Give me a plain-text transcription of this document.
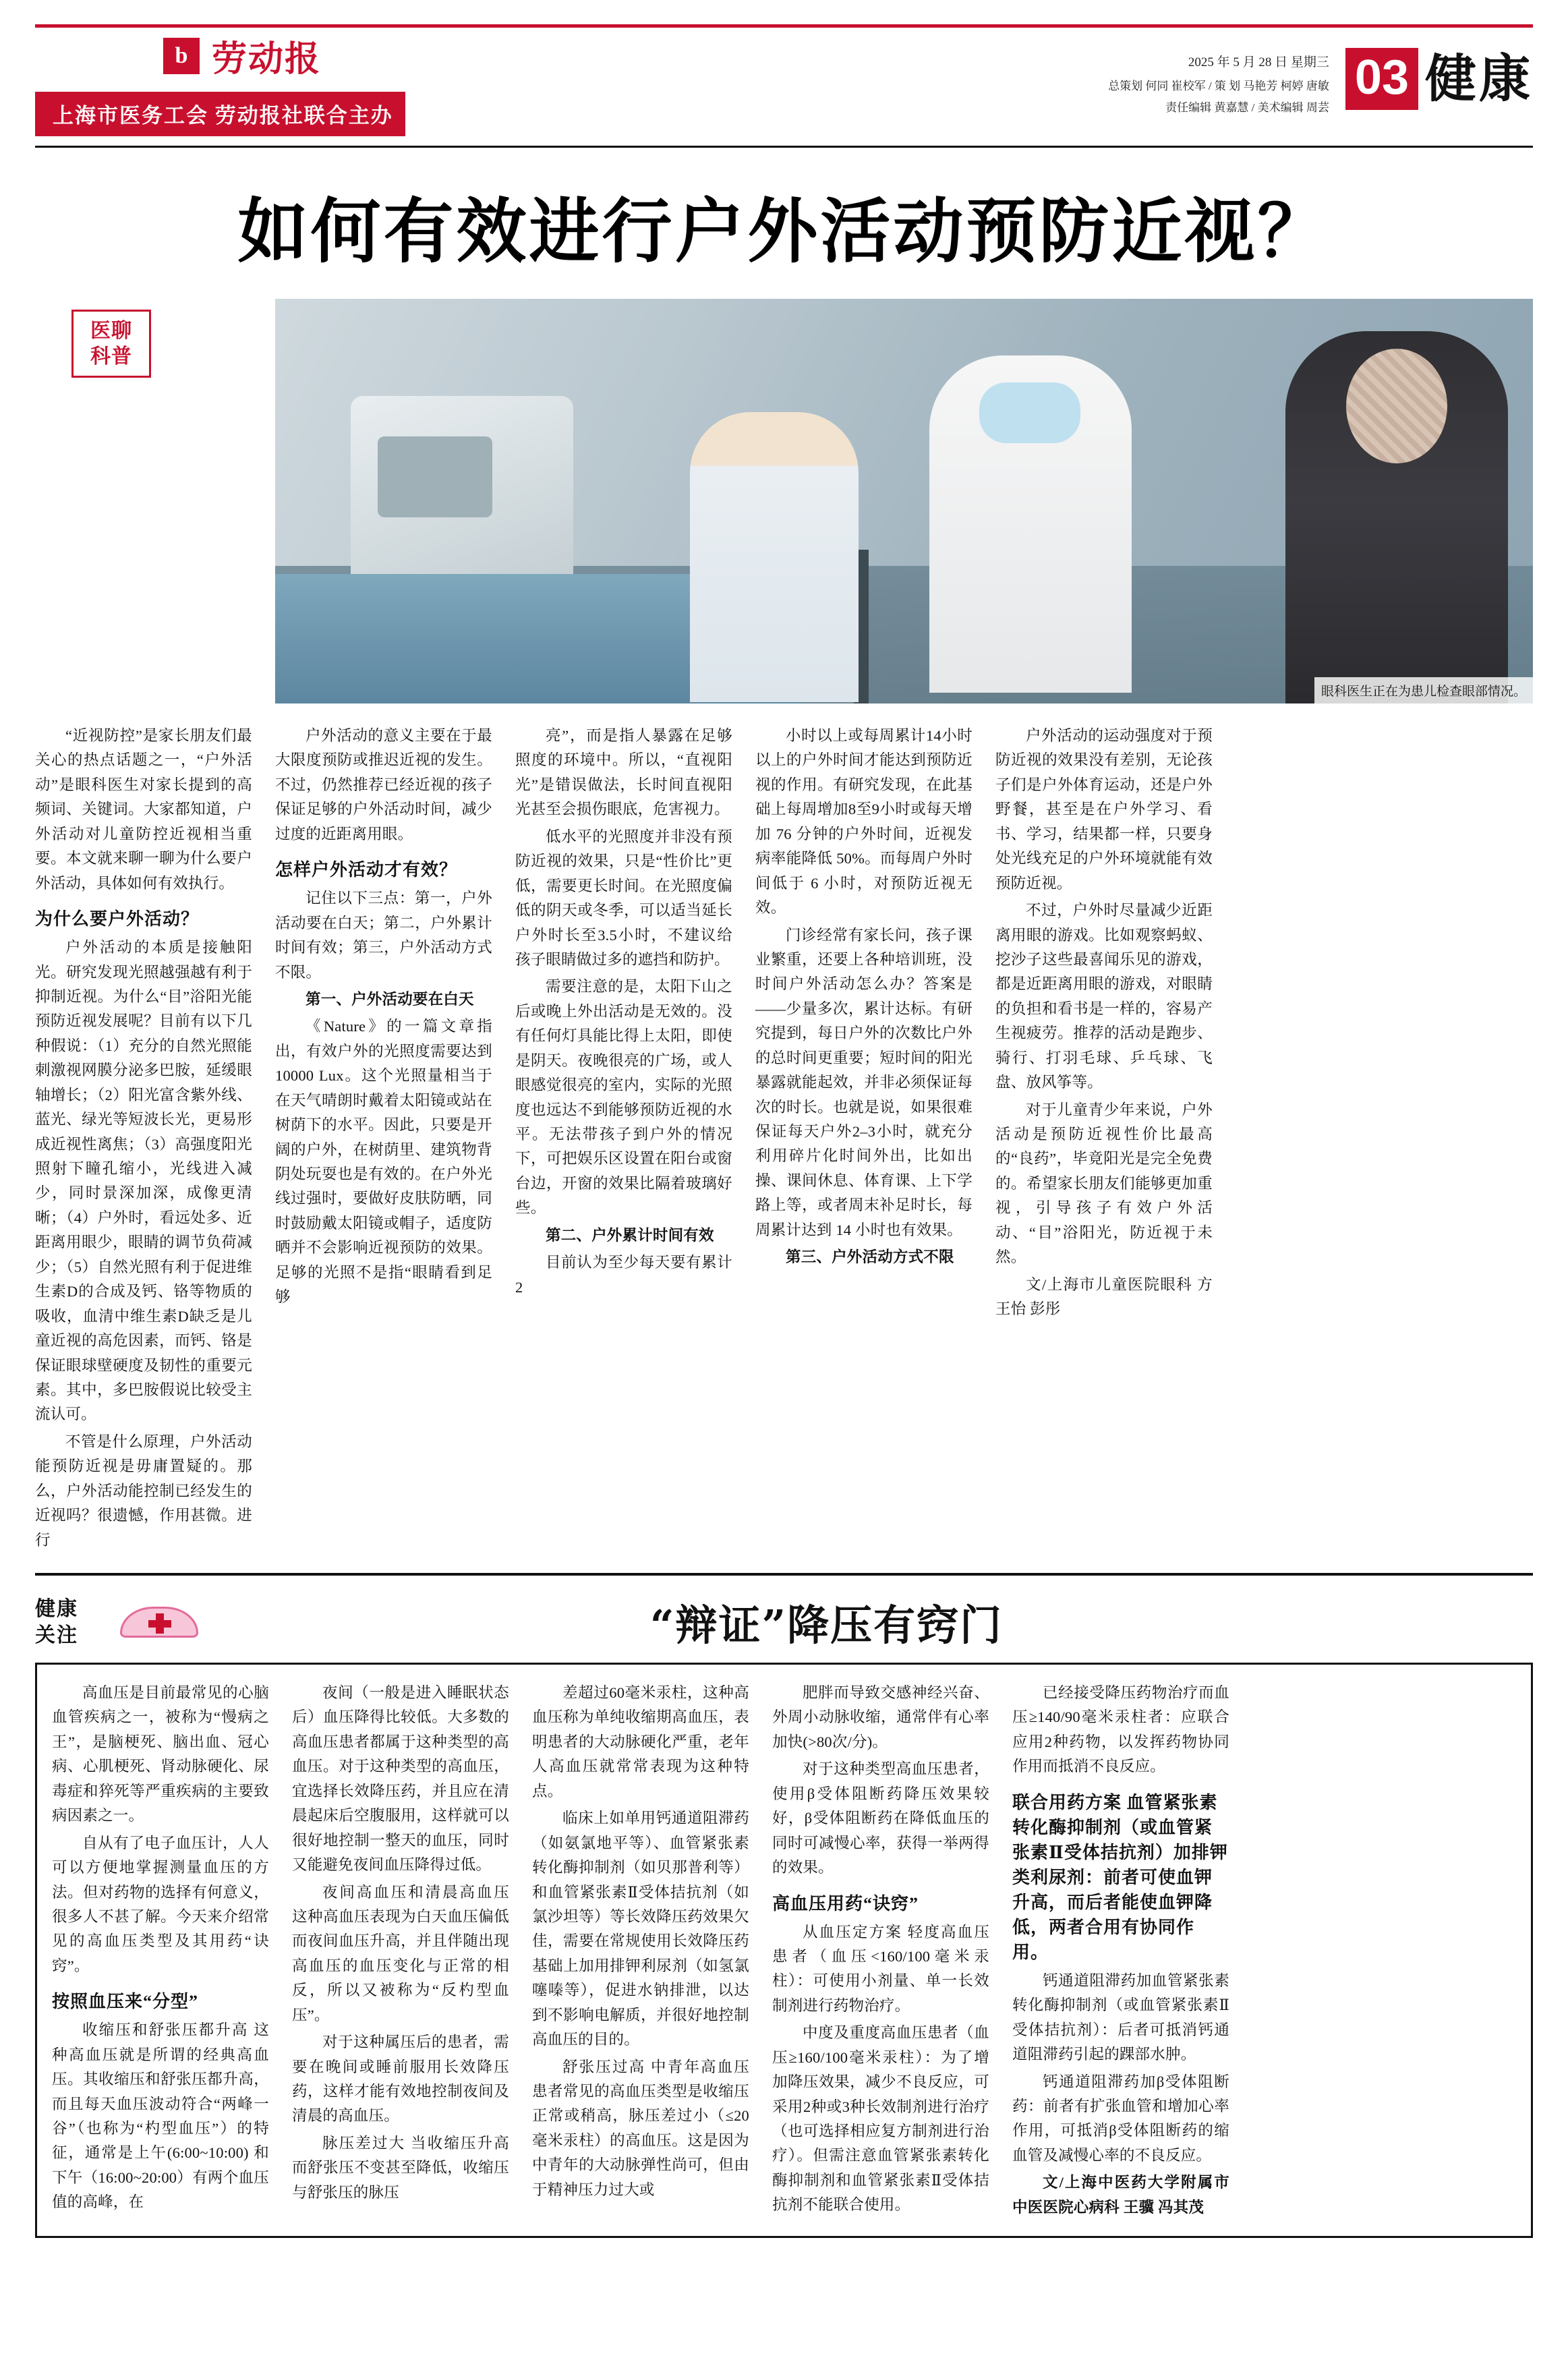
b 劳动报
上海市医务工会 劳动报社联合主办
2025 年 5 月 28 日 星期三
总策划 何同 崔校军 / 策 划 马艳芳 柯婷 唐敏
责任编辑 黄嘉慧 / 美术编辑 周芸
03 健康
如何有效进行户外活动预防近视？
医聊
科普
眼科医生正在为患儿检查眼部情况。

“近视防控”是家长朋友们最关心的热点话题之一，“户外活动”是眼科医生对家长提到的高频词、关键词。大家都知道，户外活动对儿童防控近视相当重要。本文就来聊一聊为什么要户外活动，具体如何有效执行。

为什么要户外活动？

户外活动的本质是接触阳光。研究发现光照越强越有利于抑制近视。为什么“目”浴阳光能预防近视发展呢？目前有以下几种假说：（1）充分的自然光照能刺激视网膜分泌多巴胺，延缓眼轴增长；（2）阳光富含紫外线、蓝光、绿光等短波长光，更易形成近视性离焦；（3）高强度阳光照射下瞳孔缩小，光线进入减少，同时景深加深，成像更清晰；（4）户外时，看远处多、近距离用眼少，眼睛的调节负荷减少；（5）自然光照有利于促进维生素D的合成及钙、铬等物质的吸收，血清中维生素D缺乏是儿童近视的高危因素，而钙、铬是保证眼球壁硬度及韧性的重要元素。其中，多巴胺假说比较受主流认可。

不管是什么原理，户外活动能预防近视是毋庸置疑的。那么，户外活动能控制已经发生的近视吗？很遗憾，作用甚微。进行

户外活动的意义主要在于最大限度预防或推迟近视的发生。不过，仍然推荐已经近视的孩子保证足够的户外活动时间，减少过度的近距离用眼。

怎样户外活动才有效？

记住以下三点：第一，户外活动要在白天；第二，户外累计时间有效；第三，户外活动方式不限。

第一、户外活动要在白天

《Nature》的一篇文章指出，有效户外的光照度需要达到10000 Lux。这个光照量相当于在天气晴朗时戴着太阳镜或站在树荫下的水平。因此，只要是开阔的户外，在树荫里、建筑物背阴处玩耍也是有效的。在户外光线过强时，要做好皮肤防晒，同时鼓励戴太阳镜或帽子，适度防晒并不会影响近视预防的效果。足够的光照不是指“眼睛看到足够

亮”，而是指人暴露在足够照度的环境中。所以，“直视阳光”是错误做法，长时间直视阳光甚至会损伤眼底，危害视力。

低水平的光照度并非没有预防近视的效果，只是“性价比”更低，需要更长时间。在光照度偏低的阴天或冬季，可以适当延长户外时长至3.5小时，不建议给孩子眼睛做过多的遮挡和防护。

需要注意的是，太阳下山之后或晚上外出活动是无效的。没有任何灯具能比得上太阳，即使是阴天。夜晚很亮的广场，或人眼感觉很亮的室内，实际的光照度也远达不到能够预防近视的水平。无法带孩子到户外的情况下，可把娱乐区设置在阳台或窗台边，开窗的效果比隔着玻璃好些。

第二、户外累计时间有效

目前认为至少每天要有累计2

小时以上或每周累计14小时以上的户外时间才能达到预防近视的作用。有研究发现，在此基础上每周增加8至9小时或每天增加 76 分钟的户外时间，近视发病率能降低 50%。而每周户外时间低于 6 小时，对预防近视无效。

门诊经常有家长问，孩子课业繁重，还要上各种培训班，没时间户外活动怎么办？答案是——少量多次，累计达标。有研究提到，每日户外的次数比户外的总时间更重要；短时间的阳光暴露就能起效，并非必须保证每次的时长。也就是说，如果很难保证每天户外2–3小时，就充分利用碎片化时间外出，比如出操、课间休息、体育课、上下学路上等，或者周末补足时长，每周累计达到 14 小时也有效果。

第三、户外活动方式不限

户外活动的运动强度对于预防近视的效果没有差别，无论孩子们是户外体育运动，还是户外野餐，甚至是在户外学习、看书、学习，结果都一样，只要身处光线充足的户外环境就能有效预防近视。

不过，户外时尽量减少近距离用眼的游戏。比如观察蚂蚁、挖沙子这些最喜闻乐见的游戏，都是近距离用眼的游戏，对眼睛的负担和看书是一样的，容易产生视疲劳。推荐的活动是跑步、骑行、打羽毛球、乒乓球、飞盘、放风筝等。

对于儿童青少年来说，户外活动是预防近视性价比最高的“良药”，毕竟阳光是完全免费的。希望家长朋友们能够更加重视，引导孩子有效户外活动、“目”浴阳光，防近视于未然。

文/上海市儿童医院眼科 方王怡 彭彤

健康
关注	“辩证”降压有窍门

高血压是目前最常见的心脑血管疾病之一，被称为“慢病之王”，是脑梗死、脑出血、冠心病、心肌梗死、肾动脉硬化、尿毒症和猝死等严重疾病的主要致病因素之一。

自从有了电子血压计，人人可以方便地掌握测量血压的方法。但对药物的选择有何意义，很多人不甚了解。今天来介绍常见的高血压类型及其用药“诀窍”。

按照血压来“分型”

收缩压和舒张压都升高 这种高血压就是所谓的经典高血压。其收缩压和舒张压都升高，而且每天血压波动符合“两峰一谷”（也称为“杓型血压”）的特征，通常是上午(6:00~10:00) 和下午（16:00~20:00）有两个血压值的高峰，在

夜间（一般是进入睡眠状态后）血压降得比较低。大多数的高血压患者都属于这种类型的高血压。对于这种类型的高血压，宜选择长效降压药，并且应在清晨起床后空腹服用，这样就可以很好地控制一整天的血压，同时又能避免夜间血压降得过低。

夜间高血压和清晨高血压 这种高血压表现为白天血压偏低而夜间血压升高，并且伴随出现高血压的血压变化与正常的相反，所以又被称为“反杓型血压”。

对于这种属压后的患者，需要在晚间或睡前服用长效降压药，这样才能有效地控制夜间及清晨的高血压。

脉压差过大 当收缩压升高而舒张压不变甚至降低，收缩压与舒张压的脉压

差超过60毫米汞柱，这种高血压称为单纯收缩期高血压，表明患者的大动脉硬化严重，老年人高血压就常常表现为这种特点。

临床上如单用钙通道阻滞药（如氨氯地平等）、血管紧张素转化酶抑制剂（如贝那普利等）和血管紧张素Ⅱ受体拮抗剂（如氯沙坦等）等长效降压药效果欠佳，需要在常规使用长效降压药基础上加用排钾利尿剂（如氢氯噻嗪等），促进水钠排泄，以达到不影响电解质，并很好地控制高血压的目的。

舒张压过高 中青年高血压患者常见的高血压类型是收缩压正常或稍高，脉压差过小（≤20毫米汞柱）的高血压。这是因为中青年的大动脉弹性尚可，但由于精神压力过大或

肥胖而导致交感神经兴奋、外周小动脉收缩，通常伴有心率加快(>80次/分)。

对于这种类型高血压患者，使用β受体阻断药降压效果较好，β受体阻断药在降低血压的同时可减慢心率，获得一举两得的效果。

高血压用药“诀窍”

从血压定方案 轻度高血压患者（血压<160/100毫米汞柱）：可使用小剂量、单一长效制剂进行药物治疗。

中度及重度高血压患者（血压≥160/100毫米汞柱）：为了增加降压效果，减少不良反应，可采用2种或3种长效制剂进行治疗（也可选择相应复方制剂进行治疗）。但需注意血管紧张素转化酶抑制剂和血管紧张素Ⅱ受体拮抗剂不能联合使用。

已经接受降压药物治疗而血压≥140/90毫米汞柱者：应联合应用2种药物，以发挥药物协同作用而抵消不良反应。

联合用药方案 血管紧张素转化酶抑制剂（或血管紧张素Ⅱ受体拮抗剂）加排钾类利尿剂：前者可使血钾升高，而后者能使血钾降低，两者合用有协同作用。

钙通道阻滞药加血管紧张素转化酶抑制剂（或血管紧张素Ⅱ受体拮抗剂）：后者可抵消钙通道阻滞药引起的踝部水肿。

钙通道阻滞药加β受体阻断药：前者有扩张血管和增加心率作用，可抵消β受体阻断药的缩血管及减慢心率的不良反应。

文/上海中医药大学附属市中医医院心病科 王骥 冯其茂
